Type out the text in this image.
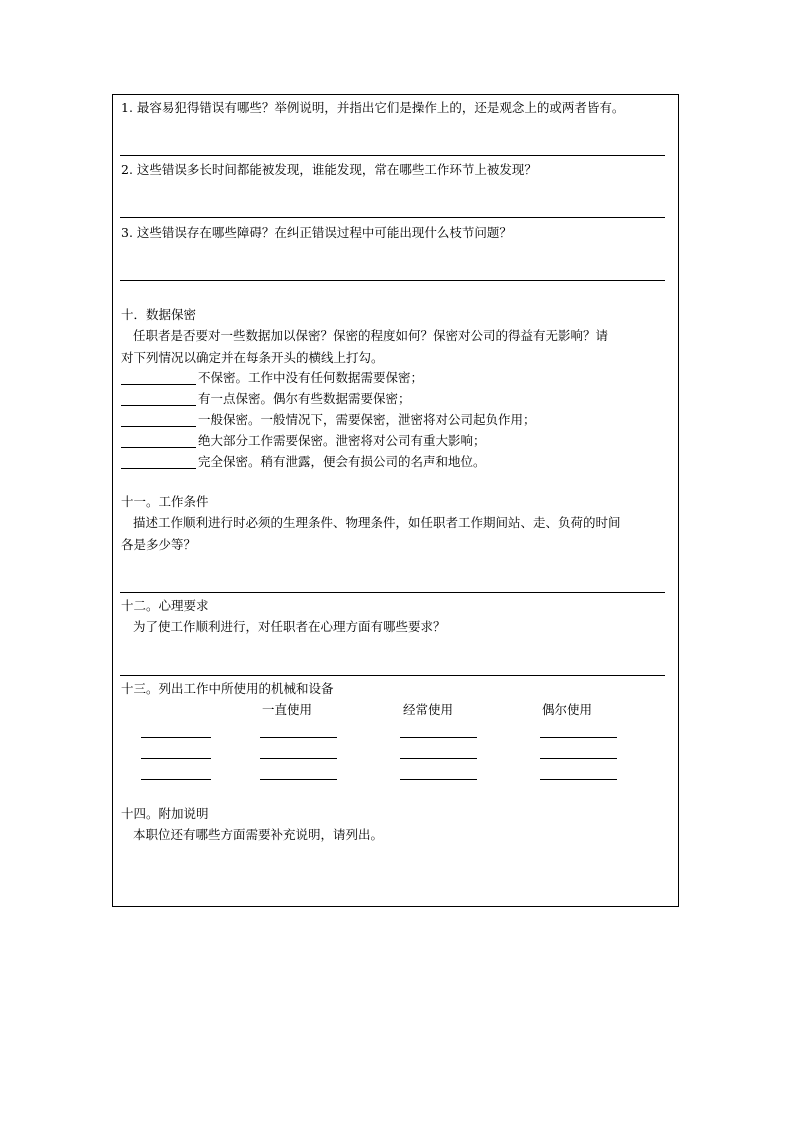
1. 最容易犯得错误有哪些？举例说明，并指出它们是操作上的，还是观念上的或两者皆有。
2. 这些错误多长时间都能被发现，谁能发现，常在哪些工作环节上被发现？
3. 这些错误存在哪些障碍？在纠正错误过程中可能出现什么枝节问题？
十．数据保密
任职者是否要对一些数据加以保密？保密的程度如何？保密对公司的得益有无影响？请
对下列情况以确定并在每条开头的横线上打勾。
不保密。工作中没有任何数据需要保密；
有一点保密。偶尔有些数据需要保密；
一般保密。一般情况下，需要保密，泄密将对公司起负作用；
绝大部分工作需要保密。泄密将对公司有重大影响；
完全保密。稍有泄露，便会有损公司的名声和地位。
十一。工作条件
描述工作顺利进行时必须的生理条件、物理条件，如任职者工作期间站、走、负荷的时间
各是多少等？
十二。心理要求
为了使工作顺利进行，对任职者在心理方面有哪些要求？
十三。列出工作中所使用的机械和设备
一直使用	经常使用	偶尔使用
十四。附加说明
本职位还有哪些方面需要补充说明，请列出。
